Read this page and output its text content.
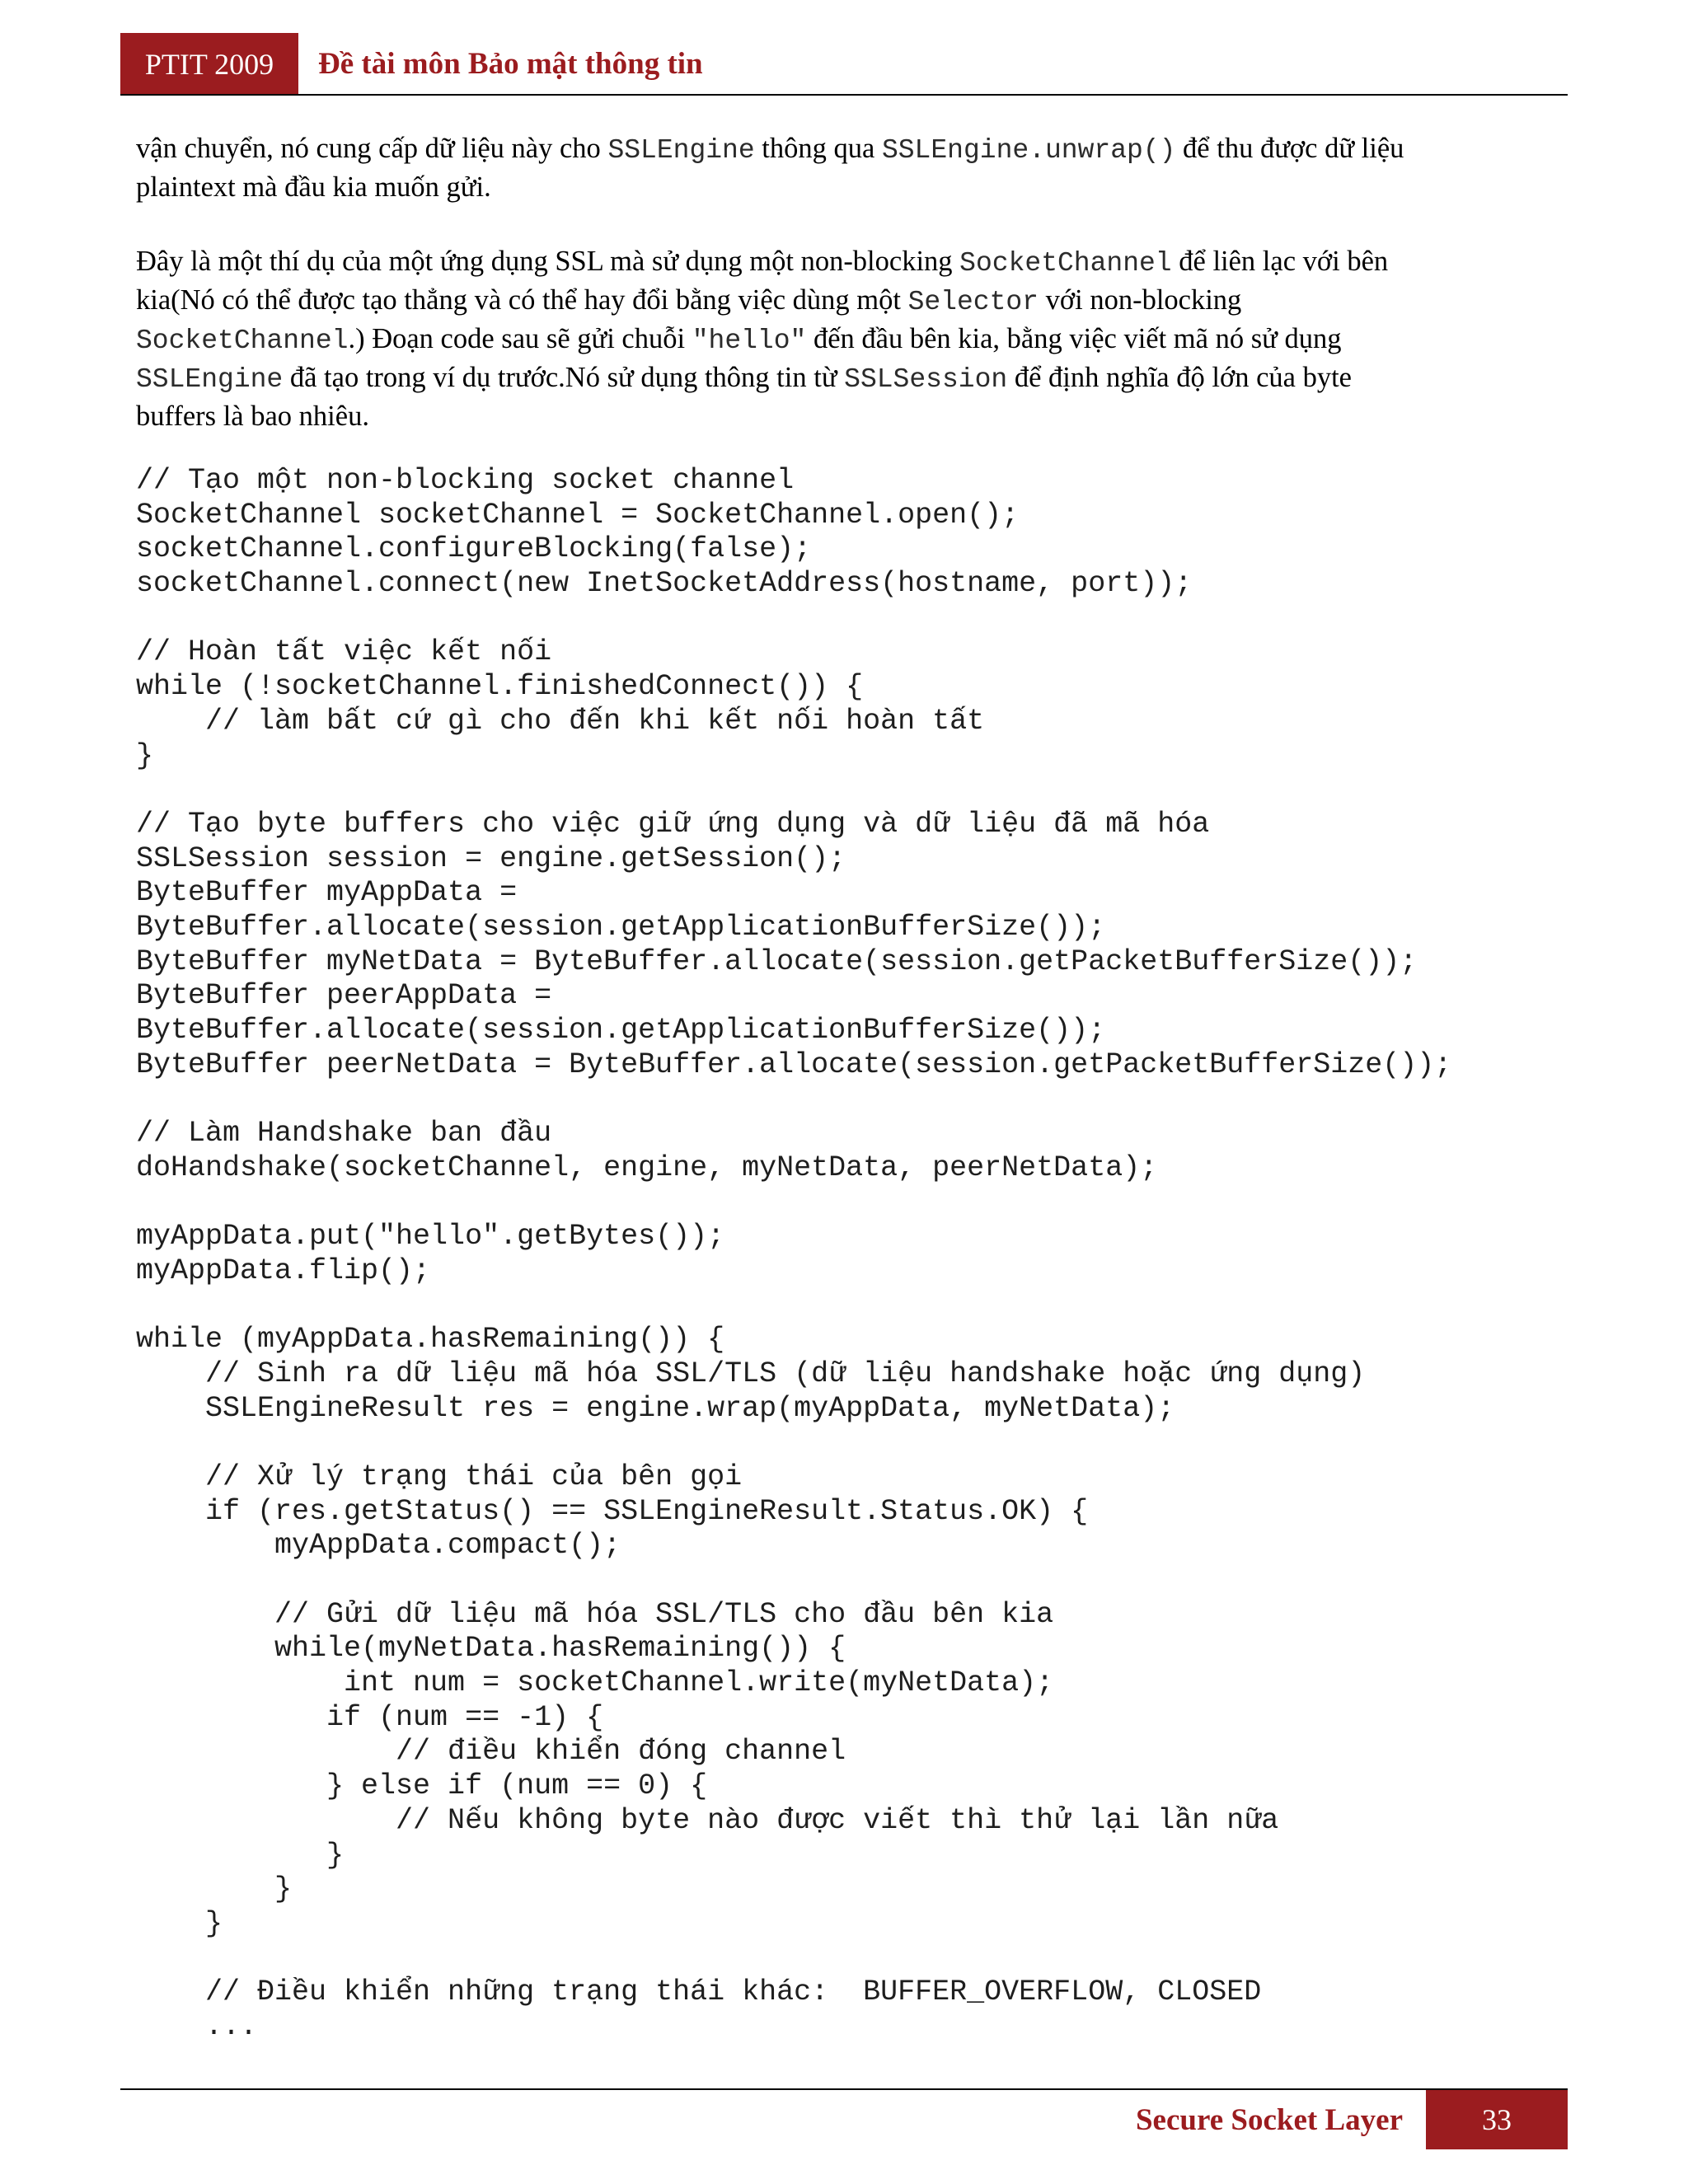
PTIT 2009	Đề tài môn Bảo mật thông tin

vận chuyển, nó cung cấp dữ liệu này cho SSLEngine thông qua SSLEngine.unwrap() để thu được dữ liệu
plaintext mà đầu kia muốn gửi.

Đây là một thí dụ của một ứng dụng SSL mà sử dụng một non-blocking SocketChannel để liên lạc với bên
kia(Nó có thể được tạo thẳng và có thể hay đổi bằng việc dùng một Selector với non-blocking
SocketChannel.) Đoạn code sau sẽ gửi chuỗi "hello" đến đầu bên kia, bằng việc viết mã nó sử dụng
SSLEngine đã tạo trong ví dụ trước.Nó sử dụng thông tin từ SSLSession để định nghĩa độ lớn của byte
buffers là bao nhiêu.

// Tạo một non-blocking socket channel
SocketChannel socketChannel = SocketChannel.open();
socketChannel.configureBlocking(false);
socketChannel.connect(new InetSocketAddress(hostname, port));
// Hoàn tất việc kết nối
while (!socketChannel.finishedConnect()) {
// làm bất cứ gì cho đến khi kết nối hoàn tất
}
// Tạo byte buffers cho việc giữ ứng dụng và dữ liệu đã mã hóa
SSLSession session = engine.getSession();
ByteBuffer myAppData =
ByteBuffer.allocate(session.getApplicationBufferSize());
ByteBuffer myNetData = ByteBuffer.allocate(session.getPacketBufferSize());
ByteBuffer peerAppData =
ByteBuffer.allocate(session.getApplicationBufferSize());
ByteBuffer peerNetData = ByteBuffer.allocate(session.getPacketBufferSize());
// Làm Handshake ban đầu
doHandshake(socketChannel, engine, myNetData, peerNetData);
myAppData.put("hello".getBytes());
myAppData.flip();
while (myAppData.hasRemaining()) {
// Sinh ra dữ liệu mã hóa SSL/TLS (dữ liệu handshake hoặc ứng dụng)
SSLEngineResult res = engine.wrap(myAppData, myNetData);
// Xử lý trạng thái của bên gọi
if (res.getStatus() == SSLEngineResult.Status.OK) {
myAppData.compact();
// Gửi dữ liệu mã hóa SSL/TLS cho đầu bên kia
while(myNetData.hasRemaining()) {
int num = socketChannel.write(myNetData);
if (num == -1) {
// điều khiển đóng channel
} else if (num == 0) {
// Nếu không byte nào được viết thì thử lại lần nữa
}
}
}
// Điều khiển những trạng thái khác:  BUFFER_OVERFLOW, CLOSED
...
Secure Socket Layer	33
